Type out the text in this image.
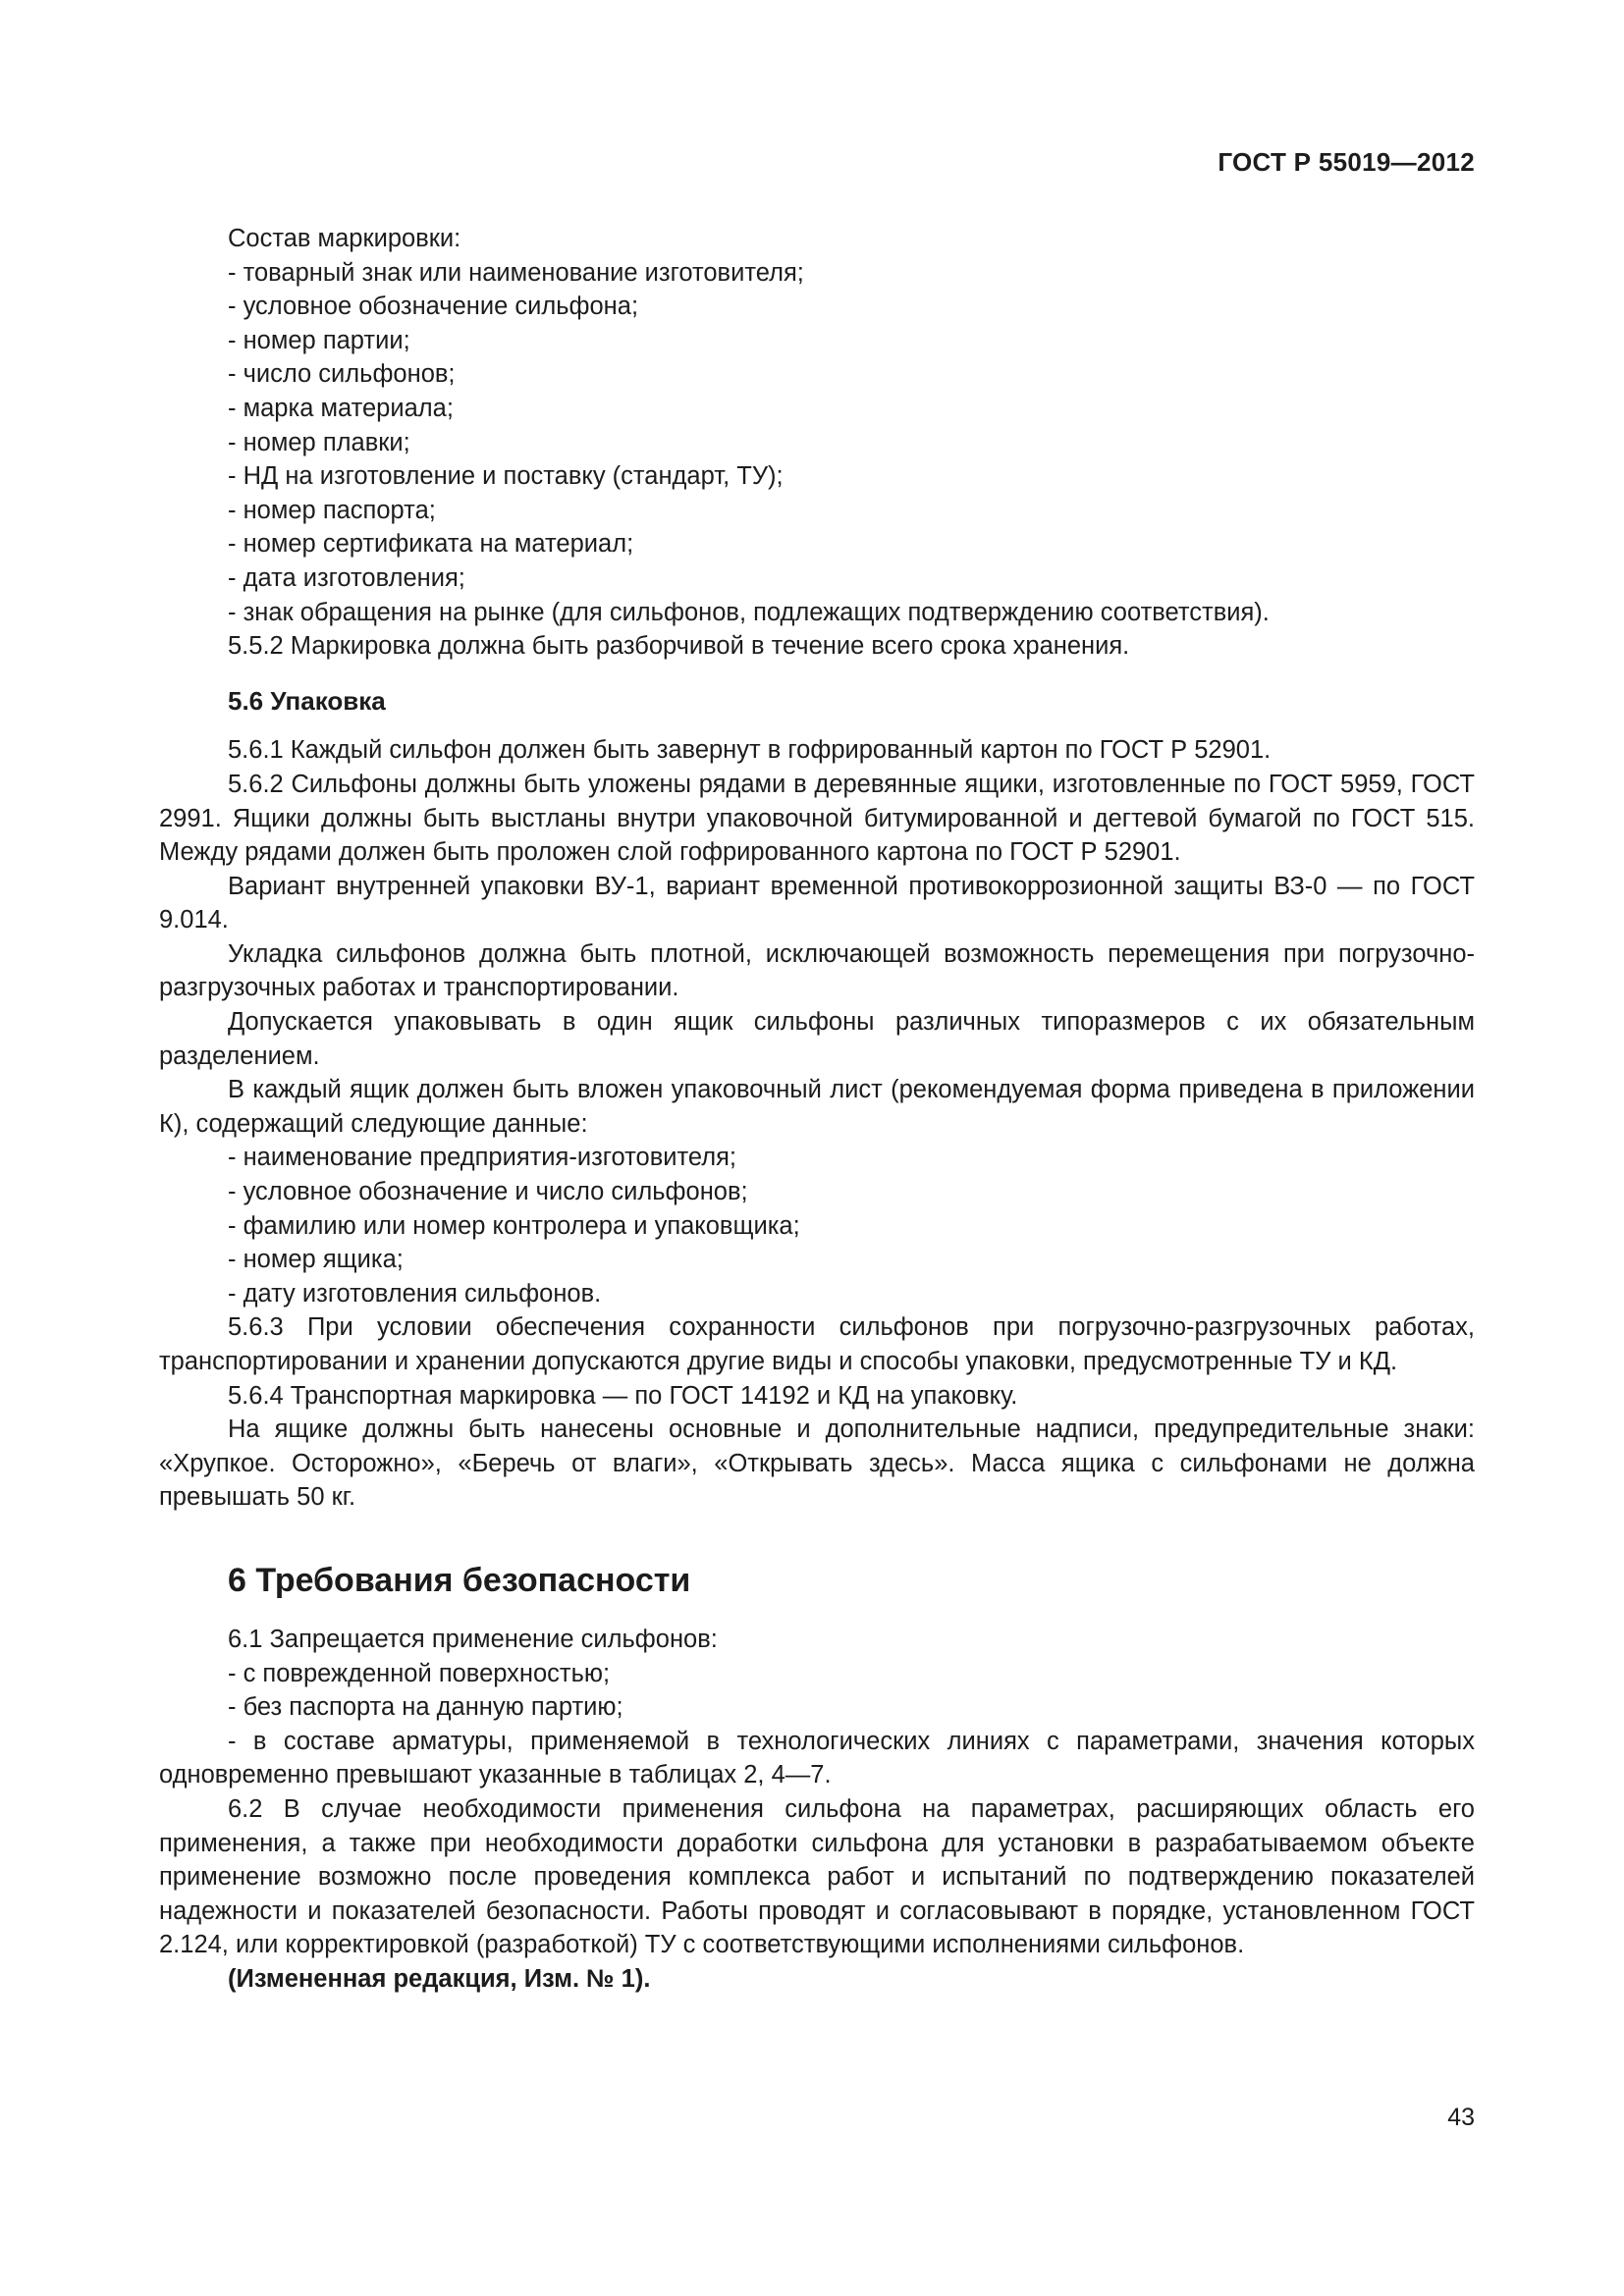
ГОСТ Р 55019—2012

Состав маркировки:

- товарный знак или наименование изготовителя;

- условное обозначение сильфона;

- номер партии;

- число сильфонов;

- марка материала;

- номер плавки;

- НД на изготовление и поставку (стандарт, ТУ);

- номер паспорта;

- номер сертификата на материал;

- дата изготовления;

- знак обращения на рынке (для сильфонов, подлежащих подтверждению соответствия).

5.5.2 Маркировка должна быть разборчивой в течение всего срока хранения.

5.6 Упаковка

5.6.1 Каждый сильфон должен быть завернут в гофрированный картон по ГОСТ Р 52901.

5.6.2 Сильфоны должны быть уложены рядами в деревянные ящики, изготовленные по ГОСТ 5959, ГОСТ 2991. Ящики должны быть выстланы внутри упаковочной битумированной и дегтевой бумагой по ГОСТ 515. Между рядами должен быть проложен слой гофрированного картона по ГОСТ Р 52901.

Вариант внутренней упаковки ВУ-1, вариант временной противокоррозионной защиты ВЗ-0 — по ГОСТ 9.014.

Укладка сильфонов должна быть плотной, исключающей возможность перемещения при погрузочно-разгрузочных работах и транспортировании.

Допускается упаковывать в один ящик сильфоны различных типоразмеров с их обязательным разделением.

В каждый ящик должен быть вложен упаковочный лист (рекомендуемая форма приведена в приложении К), содержащий следующие данные:

- наименование предприятия-изготовителя;

- условное обозначение и число сильфонов;

- фамилию или номер контролера и упаковщика;

- номер ящика;

- дату изготовления сильфонов.

5.6.3 При условии обеспечения сохранности сильфонов при погрузочно-разгрузочных работах, транспортировании и хранении допускаются другие виды и способы упаковки, предусмотренные ТУ и КД.

5.6.4 Транспортная маркировка — по ГОСТ 14192 и КД на упаковку.

На ящике должны быть нанесены основные и дополнительные надписи, предупредительные знаки: «Хрупкое. Осторожно», «Беречь от влаги», «Открывать здесь». Масса ящика с сильфонами не должна превышать 50 кг.

6 Требования безопасности

6.1 Запрещается применение сильфонов:

- с поврежденной поверхностью;

- без паспорта на данную партию;

- в составе арматуры, применяемой в технологических линиях с параметрами, значения которых одновременно превышают указанные в таблицах 2, 4—7.

6.2 В случае необходимости применения сильфона на параметрах, расширяющих область его применения, а также при необходимости доработки сильфона для установки в разрабатываемом объекте применение возможно после проведения комплекса работ и испытаний по подтверждению показателей надежности и показателей безопасности. Работы проводят и согласовывают в порядке, установленном ГОСТ 2.124, или корректировкой (разработкой) ТУ с соответствующими исполнениями сильфонов.

(Измененная редакция, Изм. № 1).

43
